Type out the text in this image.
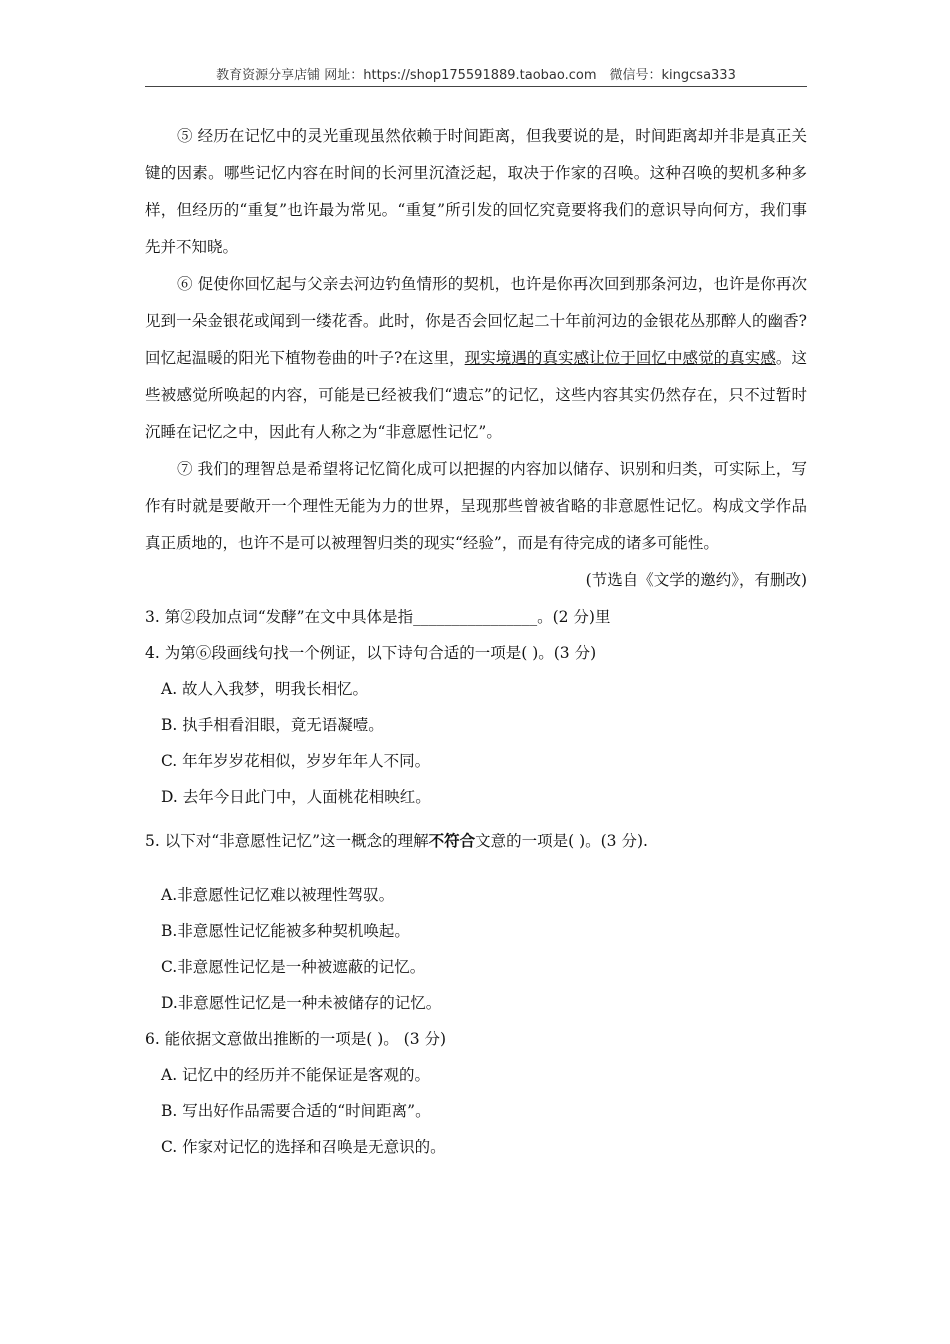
教育资源分享店铺 网址：https://shop175591889.taobao.com　微信号：kingcsa333

⑤ 经历在记忆中的灵光重现虽然依赖于时间距离，但我要说的是，时间距离却并非是真正关键的因素。哪些记忆内容在时间的长河里沉渣泛起，取决于作家的召唤。这种召唤的契机多种多样，但经历的“重复”也许最为常见。“重复”所引发的回忆究竟要将我们的意识导向何方，我们事先并不知晓。

⑥ 促使你回忆起与父亲去河边钓鱼情形的契机，也许是你再次回到那条河边，也许是你再次见到一朵金银花或闻到一缕花香。此时，你是否会回忆起二十年前河边的金银花丛那醉人的幽香?回忆起温暖的阳光下植物卷曲的叶子?在这里，现实境遇的真实感让位于回忆中感觉的真实感。这些被感觉所唤起的内容，可能是已经被我们“遗忘”的记忆，这些内容其实仍然存在，只不过暂时沉睡在记忆之中，因此有人称之为“非意愿性记忆”。

⑦ 我们的理智总是希望将记忆简化成可以把握的内容加以储存、识别和归类，可实际上，写作有时就是要敞开一个理性无能为力的世界，呈现那些曾被省略的非意愿性记忆。构成文学作品真正质地的，也许不是可以被理智归类的现实“经验”，而是有待完成的诸多可能性。

(节选自《文学的邀约》，有删改)

3. 第②段加点词“发酵”在文中具体是指________________。(2 分)里

4. 为第⑥段画线句找一个例证，以下诗句合适的一项是( )。(3 分)

A. 故人入我梦，明我长相忆。

B. 执手相看泪眼，竟无语凝噎。

C. 年年岁岁花相似，岁岁年年人不同。

D. 去年今日此门中，人面桃花相映红。

5. 以下对“非意愿性记忆”这一概念的理解不符合文意的一项是( )。(3 分).

A.非意愿性记忆难以被理性驾驭。

B.非意愿性记忆能被多种契机唤起。

C.非意愿性记忆是一种被遮蔽的记忆。

D.非意愿性记忆是一种未被储存的记忆。

6. 能依据文意做出推断的一项是( )。 (3 分)

A. 记忆中的经历并不能保证是客观的。

B. 写出好作品需要合适的“时间距离”。

C. 作家对记忆的选择和召唤是无意识的。
